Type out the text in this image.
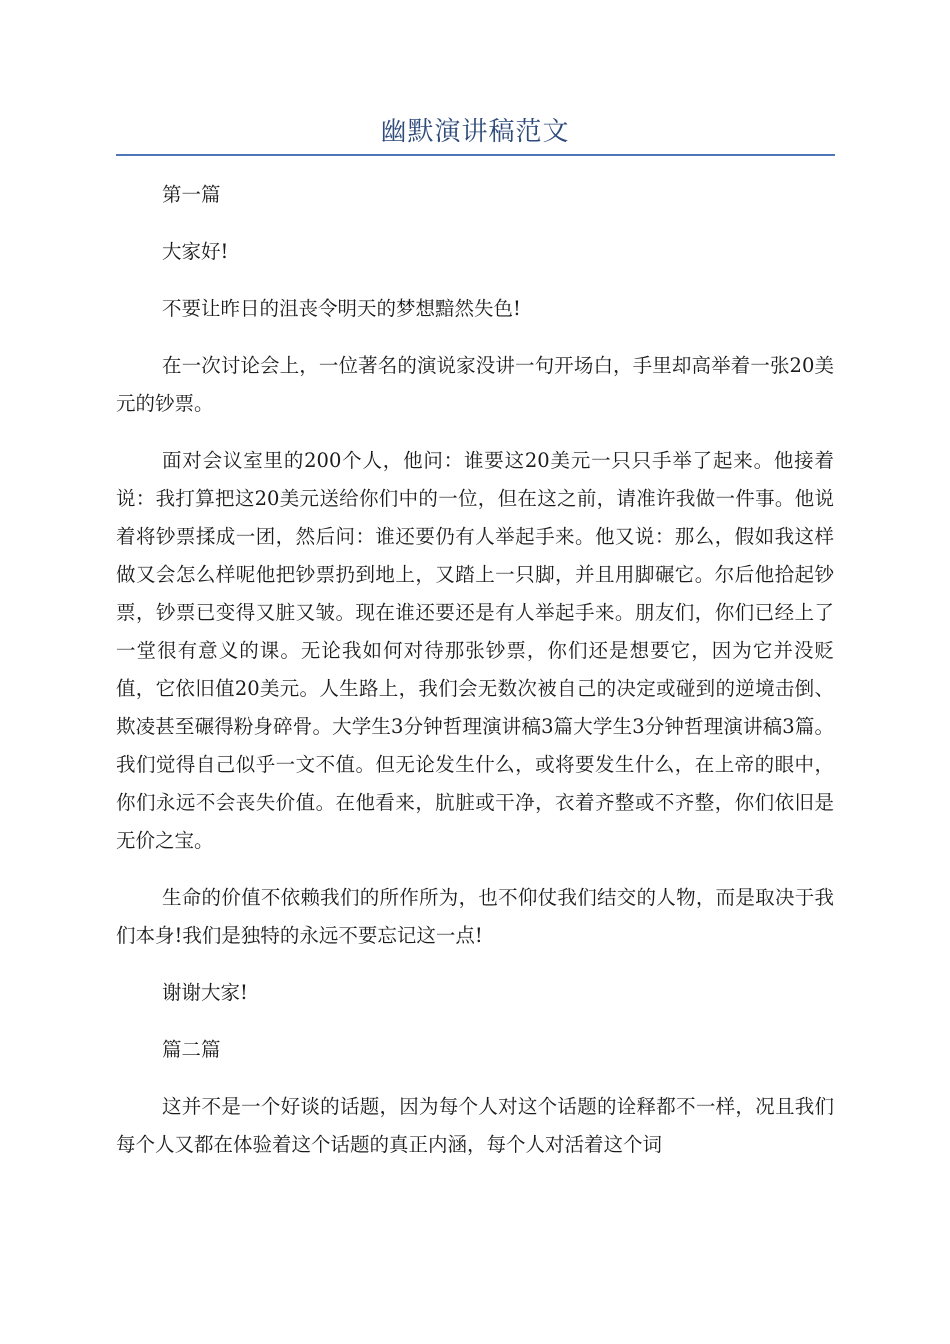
幽默演讲稿范文

第一篇

大家好!

不要让昨日的沮丧令明天的梦想黯然失色!

在一次讨论会上，一位著名的演说家没讲一句开场白，手里却高举着一张20美元的钞票。

面对会议室里的200个人，他问：谁要这20美元一只只手举了起来。他接着说：我打算把这20美元送给你们中的一位，但在这之前，请准许我做一件事。他说着将钞票揉成一团，然后问：谁还要仍有人举起手来。他又说：那么，假如我这样做又会怎么样呢他把钞票扔到地上，又踏上一只脚，并且用脚碾它。尔后他拾起钞票，钞票已变得又脏又皱。现在谁还要还是有人举起手来。朋友们，你们已经上了一堂很有意义的课。无论我如何对待那张钞票，你们还是想要它，因为它并没贬值，它依旧值20美元。人生路上，我们会无数次被自己的决定或碰到的逆境击倒、欺凌甚至碾得粉身碎骨。大学生3分钟哲理演讲稿3篇大学生3分钟哲理演讲稿3篇。我们觉得自己似乎一文不值。但无论发生什么，或将要发生什么，在上帝的眼中，你们永远不会丧失价值。在他看来，肮脏或干净，衣着齐整或不齐整，你们依旧是无价之宝。

生命的价值不依赖我们的所作所为，也不仰仗我们结交的人物，而是取决于我们本身!我们是独特的永远不要忘记这一点!

谢谢大家!

篇二篇

这并不是一个好谈的话题，因为每个人对这个话题的诠释都不一样，况且我们每个人又都在体验着这个话题的真正内涵，每个人对活着这个词
